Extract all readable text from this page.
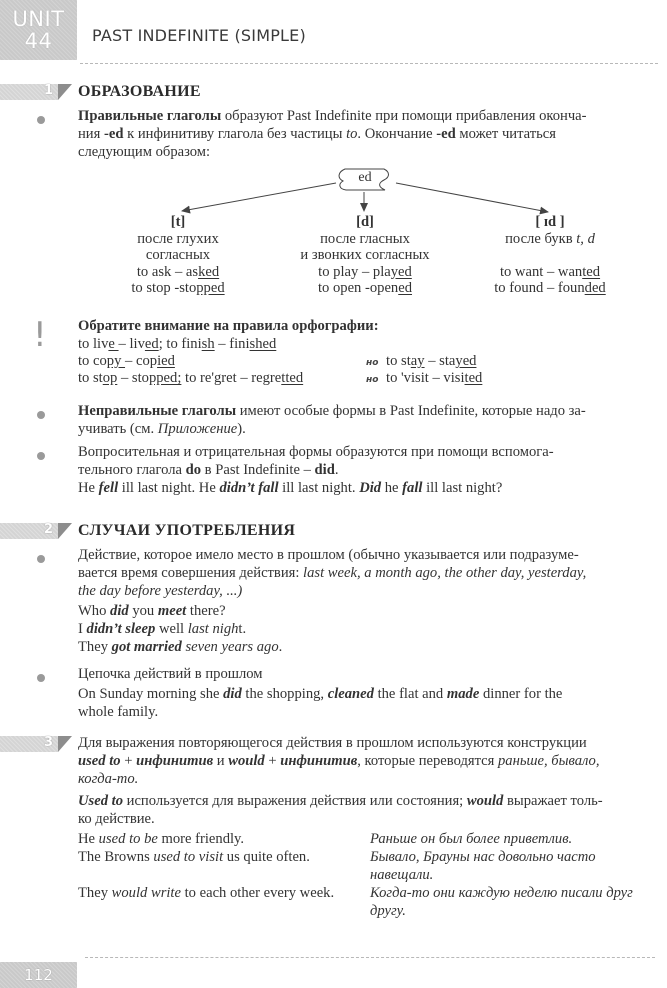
UNIT
44 PAST INDEFINITE (SIMPLE)
1 ОБРАЗОВАНИЕ
Правильные глаголы образуют Past Indefinite при помощи прибавления оконча-
ния -ed к инфинитиву глагола без частицы to. Окончание -ed может читаться
следующим образом:
ed
[t]
после глухих
согласных
to ask – asked
to stop -stopped
[d]
после гласных
и звонких согласных
to play – played
to open -opened
[ ɪd ]
после букв t, d

to want – wanted
to found – founded
! Обратите внимание на правила орфографии:
to live – lived; to finish – finished
to copy – copied	но to stay – stayed
to stop – stopped; to re'gret – regretted	но to 'visit – visited
Неправильные глаголы имеют особые формы в Past Indefinite, которые надо за-
учивать (см. Приложение).
Вопросительная и отрицательная формы образуются при помощи вспомога-
тельного глагола do в Past Indefinite – did.
He fell ill last night. He didn’t fall ill last night. Did he fall ill last night?
2 СЛУЧАИ УПОТРЕБЛЕНИЯ
Действие, которое имело место в прошлом (обычно указывается или подразуме-
вается время совершения действия: last week, a month ago, the other day, yesterday,
the day before yesterday, ...)
Who did you meet there?
I didn’t sleep well last night.
They got married seven years ago.
Цепочка действий в прошлом
On Sunday morning she did the shopping, cleaned the flat and made dinner for the
whole family.
3 Для выражения повторяющегося действия в прошлом используются конструкции
used to + инфинитив и would + инфинитив, которые переводятся раньше, бывало,
когда-то.
Used to используется для выражения действия или состояния; would выражает толь-
ко действие.
He used to be more friendly.	Раньше он был более приветлив.
The Browns used to visit us quite often.	Бывало, Брауны нас довольно часто
навещали.
They would write to each other every week. Когда-то они каждую неделю писали друг
другу.
112
